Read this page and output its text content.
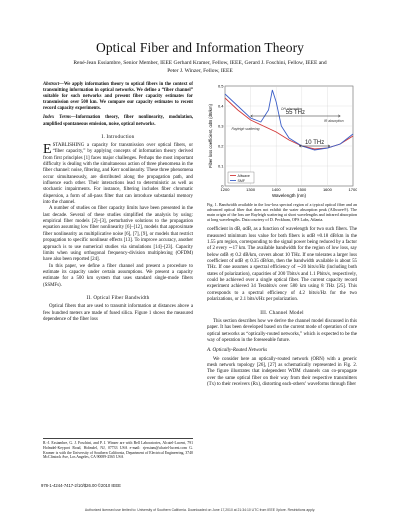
Optical Fiber and Information Theory
René-Jean Essiambre, Senior Member, IEEE Gerhard Kramer, Fellow, IEEE, Gerard J. Foschini, Fellow, IEEE and
Peter J. Winzer, Fellow, IEEE
Abstract—We apply information theory to optical fibers in the context of transmitting information in optical networks. We define a “fiber channel” suitable for such networks and present fiber capacity estimates for transmission over 500 km. We compare our capacity estimates to recent record capacity experiments.
Index Terms—Information theory, fiber nonlinearity, modulation, amplified spontaneous emission, noise, optical networks.
I. Introduction

ESTABLISHING a capacity for transmission over optical fibers, or “fiber capacity,” by applying concepts of information theory derived from first principles [1] faces major challenges. Perhaps the most important difficulty is dealing with the simultaneous action of three phenomena in the fiber channel: noise, filtering, and Kerr nonlinearity. These three phenomena occur simultaneously, are distributed along the propagation path, and influence each other. Their interactions lead to deterministic as well as stochastic impairments. For instance, filtering includes fiber chromatic dispersion, a form of all-pass filter that can introduce substantial memory into the channel.

A number of studies on fiber capacity limits have been presented in the last decade. Several of these studies simplified the analysis by using: empirical fiber models [2]–[3], perturbative solutions to the propagation equation assuming low fiber nonlinearity [6]–[12], models that approximate fiber nonlinearity as multiplicative noise [6], [7], [9], or models that restrict propagation to specific nonlinear effects [13]. To improve accuracy, another approach is to use numerical studies via simulations [14]–[23]. Capacity limits when using orthogonal frequency-division multiplexing (OFDM) have also been reported [24].

In this paper, we define a fiber channel and present a procedure to estimate its capacity under certain assumptions. We present a capacity estimate for a 500 km system that uses standard single-mode fibers (SSMFs).

II. Optical Fiber Bandwidth

Optical fibers that are used to transmit information at distances above a few hundred meters are made of fused silica. Figure 1 shows the measured dependence of the fiber loss

1200	1300	1400	1500	1600	1700
0
0.1
0.2
0.3
0.4
0.5
55 THz
10 THz
OH absorption
Rayleigh scattering
IR absorption
Wavelength (nm)
Fiber loss coefficient, αdB (dB/km)
Allwave
SMF
Fig. 1. Bandwidth available in the low-loss spectral region of a typical optical fiber and an advanced optical fiber that does not exhibit the water absorption peak (Allwave®). The main origin of the loss are Rayleigh scattering at short wavelengths and infrared absorption at long wavelengths. Data courtesy of D. Peckham, OFS Labs, Atlanta.

coefficient in dB, αdB, as a function of wavelength for two such fibers. The measured minimum loss value for both fibers is αdB ≈0.18 dB/km in the 1.55 μm region, corresponding to the signal power being reduced by a factor of 2 every ∼17 km. The available bandwidth for the region of low loss, say below αdB ≲ 0.2 dB/km, covers about 10 THz. If one tolerates a larger loss coefficient of αdB ≲ 0.35 dB/km, then the bandwidth available is about 55 THz. If one assumes a spectral efficiency of ∼20 bits/s/Hz (including both states of polarization), capacities of 200 Tbits/s and 1.1 Pbits/s, respectively, could be achieved over a single optical fiber. The current capacity record experiment achieved 34 Terabits/s over 580 km using 8 THz [25]. This corresponds to a spectral efficiency of 4.2 bits/s/Hz for the two polarizations, or 2.1 bits/s/Hz per polarization.

III. Channel Model

This section describes how we derive the channel model discussed in this paper. It has been developed based on the current mode of operation of core optical networks as “optically-routed networks,” which is expected to be the way of operation in the foreseeable future.

A. Optically-Routed Networks

We consider here an optically-routed network (ORN) with a generic mesh network topology [26], [27] as schematically represented in Fig. 2. The figure illustrates that independent WDM channels can co-propagate over the same optical fiber on their way from their respective transmitters (Tx) to their receivers (Rx), distorting each-others’ waveforms through fiber

R.-J. Essiambre, G. J. Foschini, and P. J. Winzer are with Bell Laboratories, Alcatel-Lucent, 791 Holmdel-Keyport Road, Holmdel, NJ, 07733 USA e-mail: rjessiam@alcatel-lucent.com G. Kramer is with the University of Southern California, Department of Electrical Engineering, 3740 McClintock Ave, Los Angeles, CA 90089-2565 USA
978-1-4244-7417-2/10/$26.00 ©2010 IEEE
Authorized licensed use limited to: University of Southern California. Downloaded on June 17,2010 at 21:34:10 UTC from IEEE Xplore. Restrictions apply.
